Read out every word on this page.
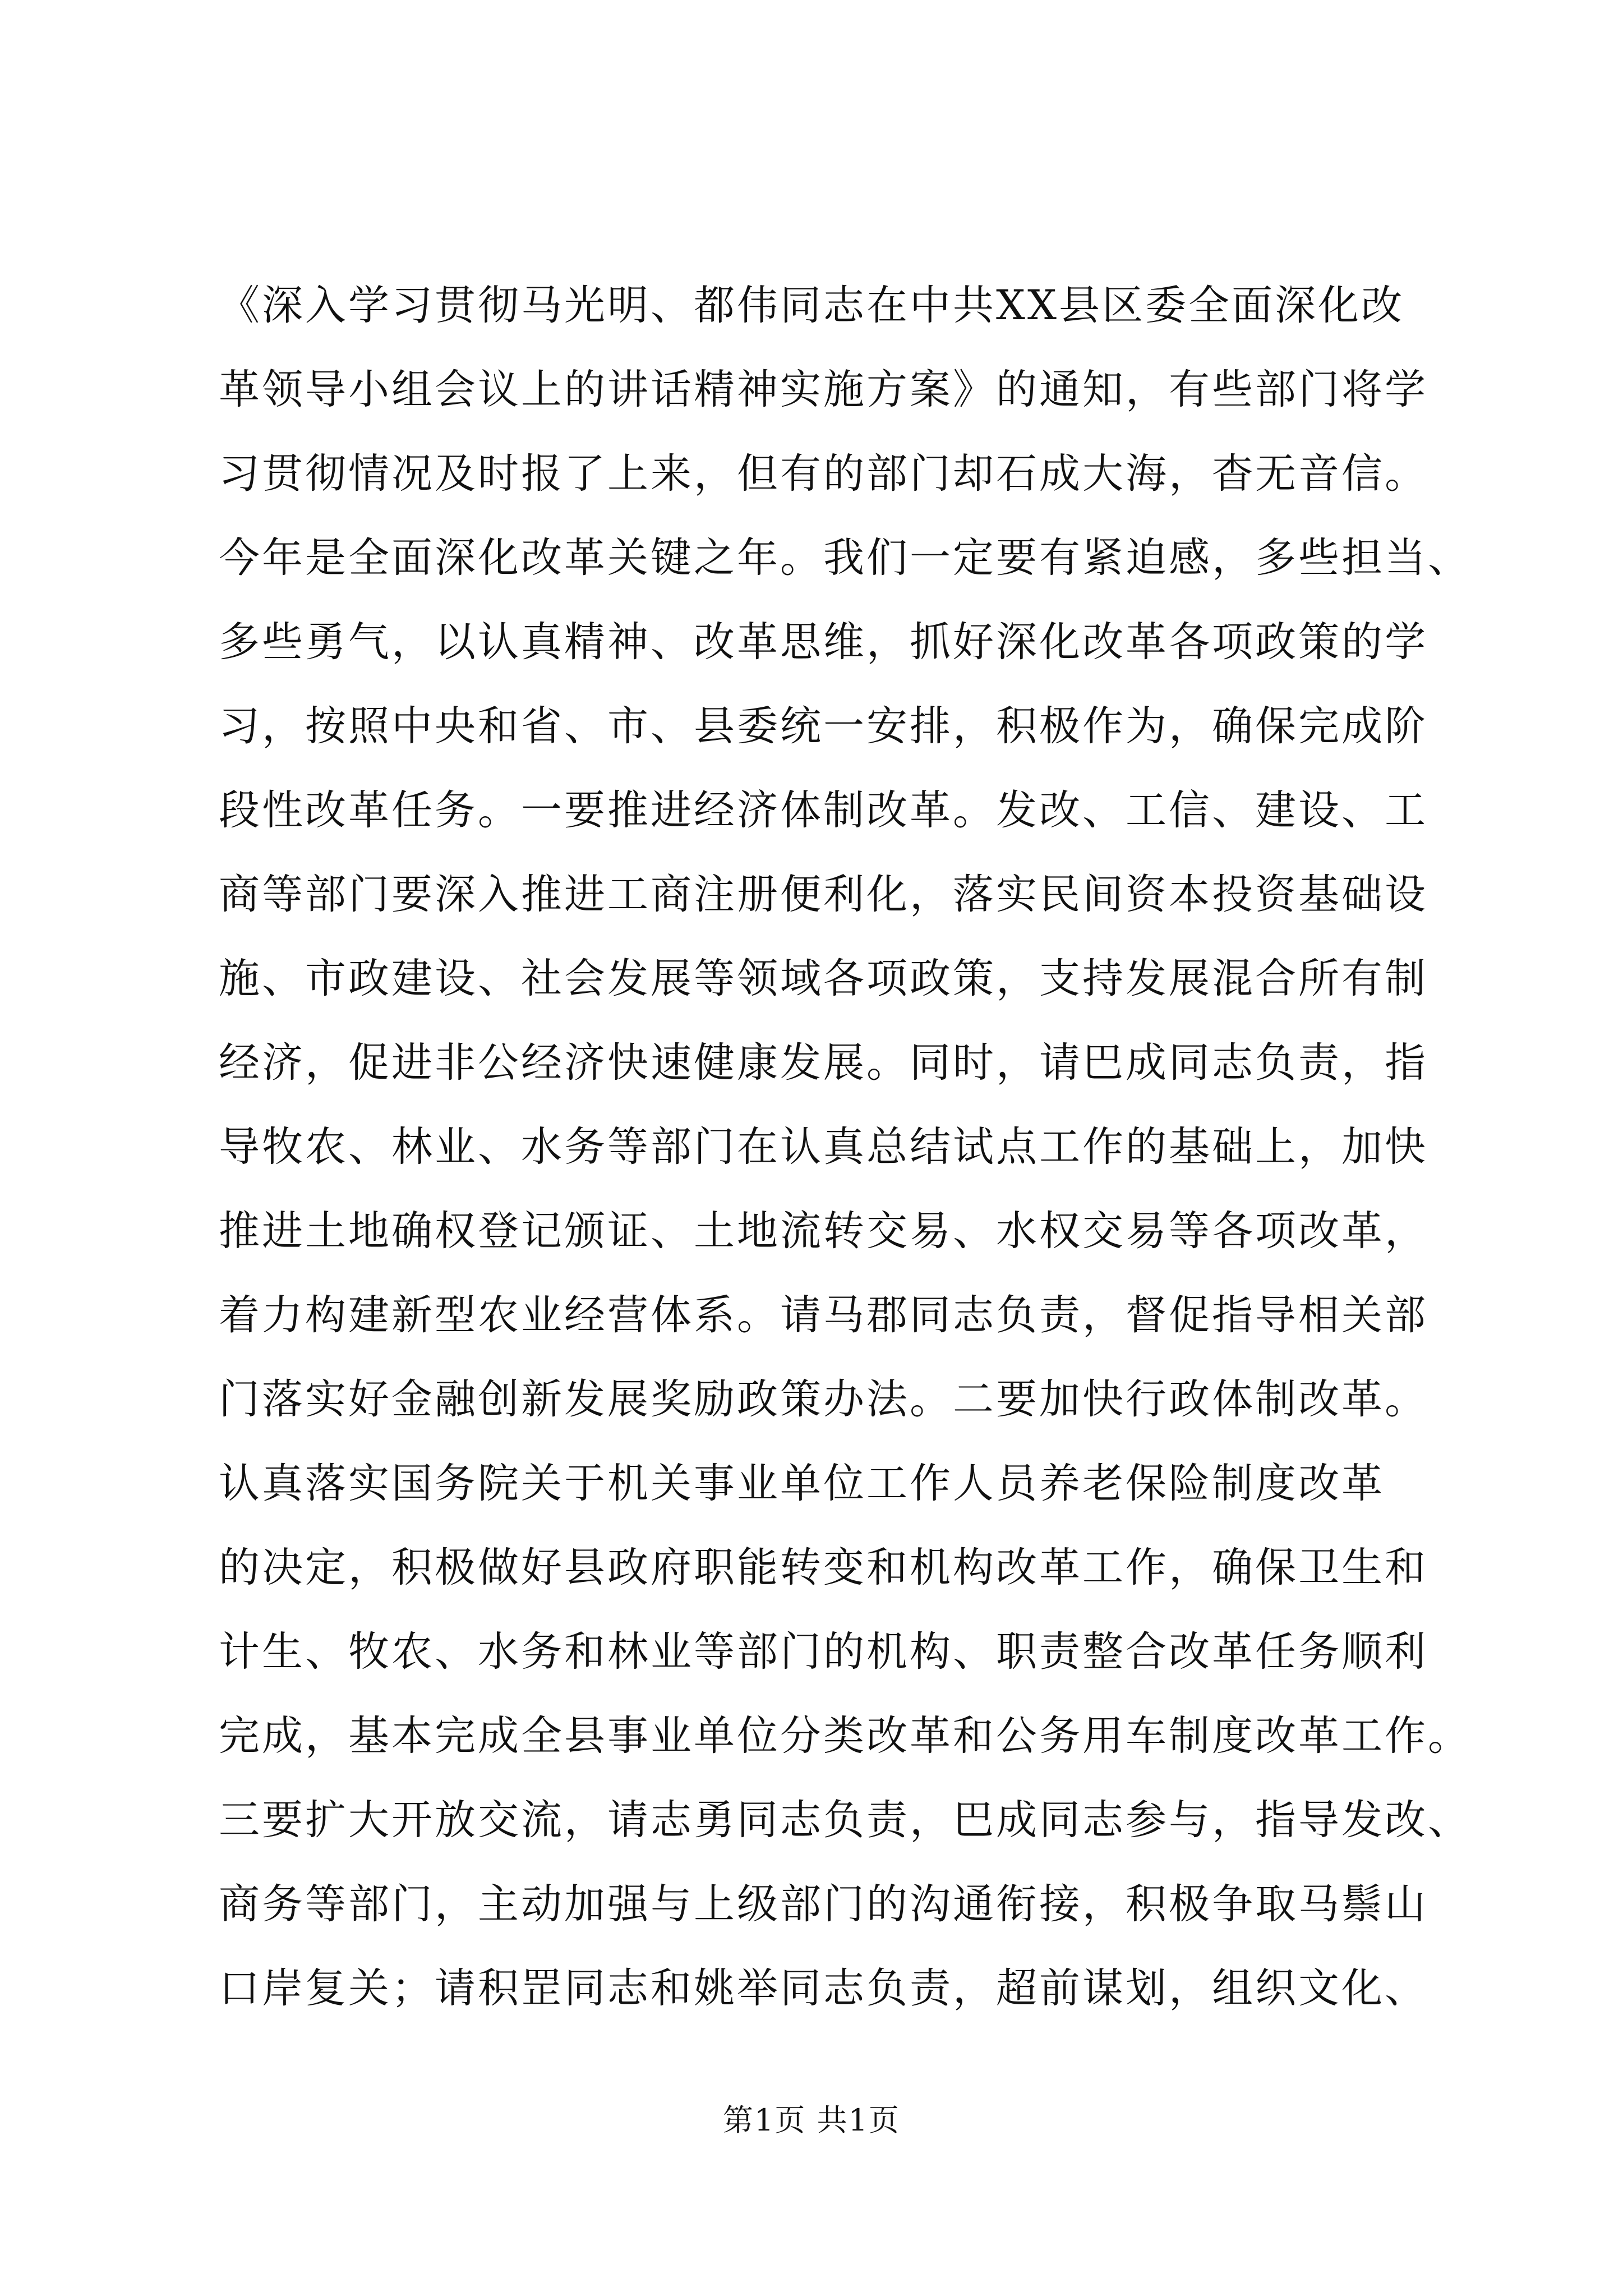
《深入学习贯彻马光明、都伟同志在中共XX县区委全面深化改
革领导小组会议上的讲话精神实施方案》的通知，有些部门将学
习贯彻情况及时报了上来，但有的部门却石成大海，杳无音信。
今年是全面深化改革关键之年。我们一定要有紧迫感，多些担当、
多些勇气，以认真精神、改革思维，抓好深化改革各项政策的学
习，按照中央和省、市、县委统一安排，积极作为，确保完成阶
段性改革任务。一要推进经济体制改革。发改、工信、建设、工
商等部门要深入推进工商注册便利化，落实民间资本投资基础设
施、市政建设、社会发展等领域各项政策，支持发展混合所有制
经济，促进非公经济快速健康发展。同时，请巴成同志负责，指
导牧农、林业、水务等部门在认真总结试点工作的基础上，加快
推进土地确权登记颁证、土地流转交易、水权交易等各项改革，
着力构建新型农业经营体系。请马郡同志负责，督促指导相关部
门落实好金融创新发展奖励政策办法。二要加快行政体制改革。
认真落实国务院关于机关事业单位工作人员养老保险制度改革
的决定，积极做好县政府职能转变和机构改革工作，确保卫生和
计生、牧农、水务和林业等部门的机构、职责整合改革任务顺利
完成，基本完成全县事业单位分类改革和公务用车制度改革工作。
三要扩大开放交流，请志勇同志负责，巴成同志参与，指导发改、
商务等部门，主动加强与上级部门的沟通衔接，积极争取马鬃山
口岸复关；请积罡同志和姚举同志负责，超前谋划，组织文化、
第1页 共1页
